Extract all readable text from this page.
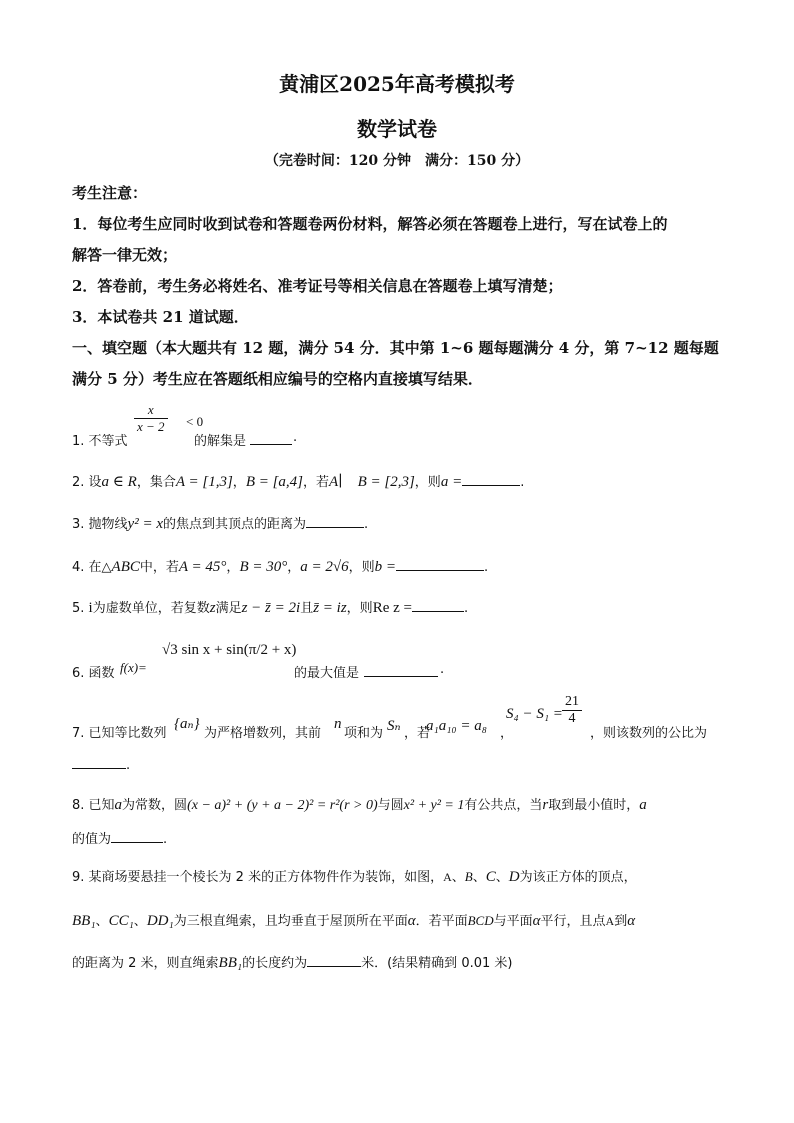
黄浦区2025年高考模拟考
数学试卷
（完卷时间：120 分钟　满分：150 分）
考生注意：
1．每位考生应同时收到试卷和答题卷两份材料，解答必须在答题卷上进行，写在试卷上的
解答一律无效；
2．答卷前，考生务必将姓名、准考证号等相关信息在答题卷上填写清楚；
3．本试卷共 21 道试题．
一、填空题（本大题共有 12 题，满分 54 分．其中第 1~6 题每题满分 4 分，第 7~12 题每题
满分 5 分）考生应在答题纸相应编号的空格内直接填写结果．
1. 不等式
$\frac{x}{x - 2} < 0$
的解集是	.
2. 设a ∈ R，集合A = [1,3]，B = [a,4]，若A∣　B = [2,3]，则a =	.
3. 抛物线y² = x的焦点到其顶点的距离为	.
4. 在△ABC中，若A = 45°，B = 30°，a = 2√6，则b =	.
5. i为虚数单位，若复数z满足z − z̄ = 2i且z̄ = iz，则Re z =	.
6. 函数 f(x)=
√3 sin x + sin(π/2 + x)
的最大值是	.
7. 已知等比数列
{aₙ}
为严格增数列，其前
n
项和为 Sₙ ，若
a₁a₁₀ = a₈ ，
$S_4 - S_1 = \frac{21}{4}$
，则该数列的公比为
.
8. 已知a为常数，圆(x − a)² + (y + a − 2)² = r²(r > 0)与圆x² + y² = 1有公共点，当r取到最小值时，a
的值为	.
9. 某商场要悬挂一个棱长为 2 米的正方体物件作为装饰，如图，A、B、C、D为该正方体的顶点，
BB₁、CC₁、DD₁为三根直绳索，且均垂直于屋顶所在平面α．若平面BCD与平面α平行，且点A到α
的距离为 2 米，则直绳索BB₁的长度约为	米．(结果精确到 0.01 米)
